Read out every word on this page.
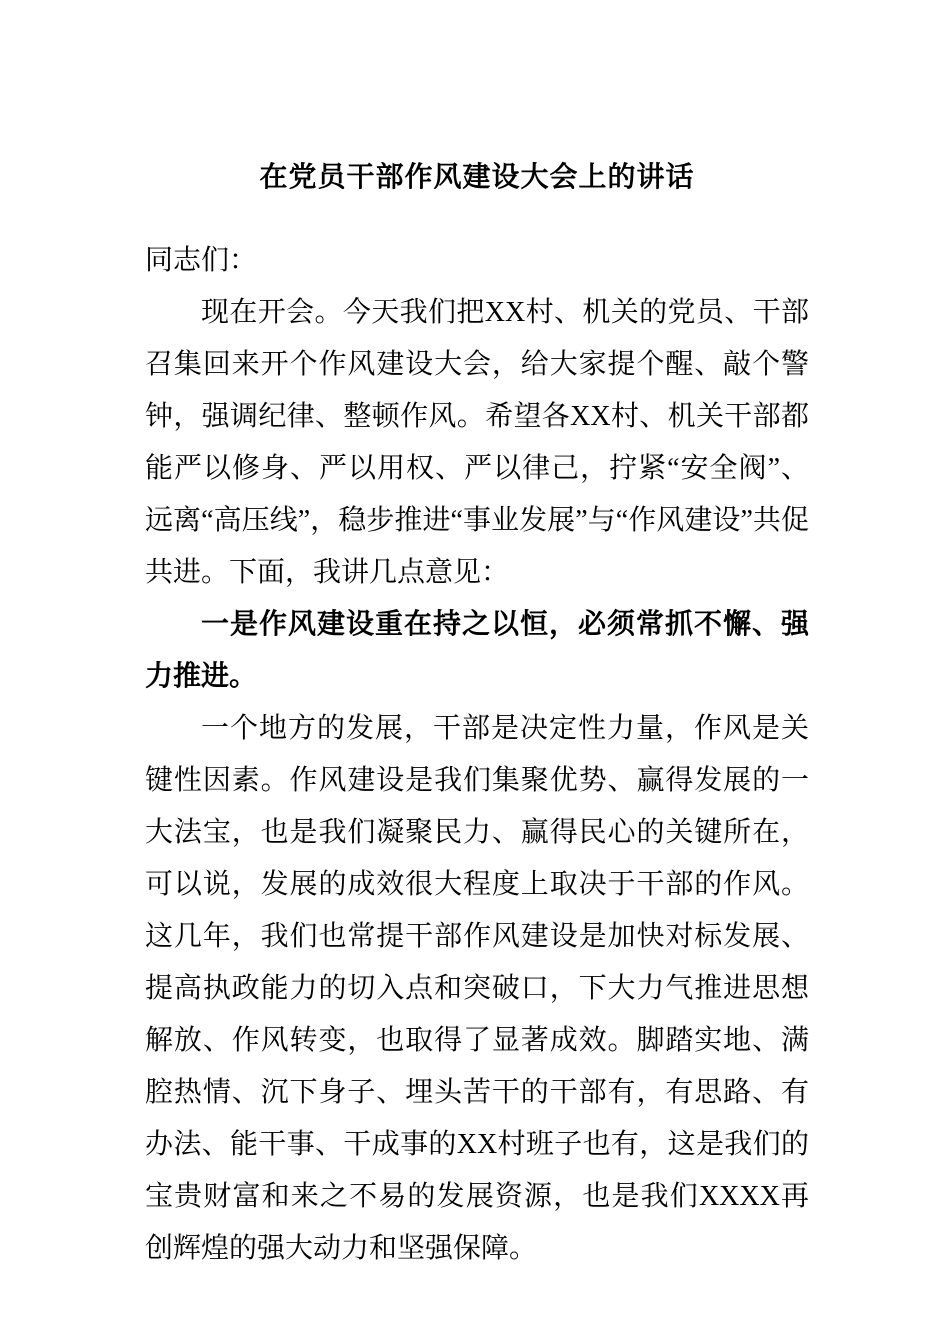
在党员干部作风建设大会上的讲话

同志们：

现在开会。今天我们把XX村、机关的党员、干部召集回来开个作风建设大会，给大家提个醒、敲个警钟，强调纪律、整顿作风。希望各XX村、机关干部都能严以修身、严以用权、严以律己，拧紧“安全阀”、远离“高压线”，稳步推进“事业发展”与“作风建设”共促共进。下面，我讲几点意见：

一是作风建设重在持之以恒，必须常抓不懈、强力推进。

一个地方的发展，干部是决定性力量，作风是关键性因素。作风建设是我们集聚优势、赢得发展的一大法宝，也是我们凝聚民力、赢得民心的关键所在，可以说，发展的成效很大程度上取决于干部的作风。这几年，我们也常提干部作风建设是加快对标发展、提高执政能力的切入点和突破口，下大力气推进思想解放、作风转变，也取得了显著成效。脚踏实地、满腔热情、沉下身子、埋头苦干的干部有，有思路、有办法、能干事、干成事的XX村班子也有，这是我们的宝贵财富和来之不易的发展资源，也是我们XXXX再创辉煌的强大动力和坚强保障。
